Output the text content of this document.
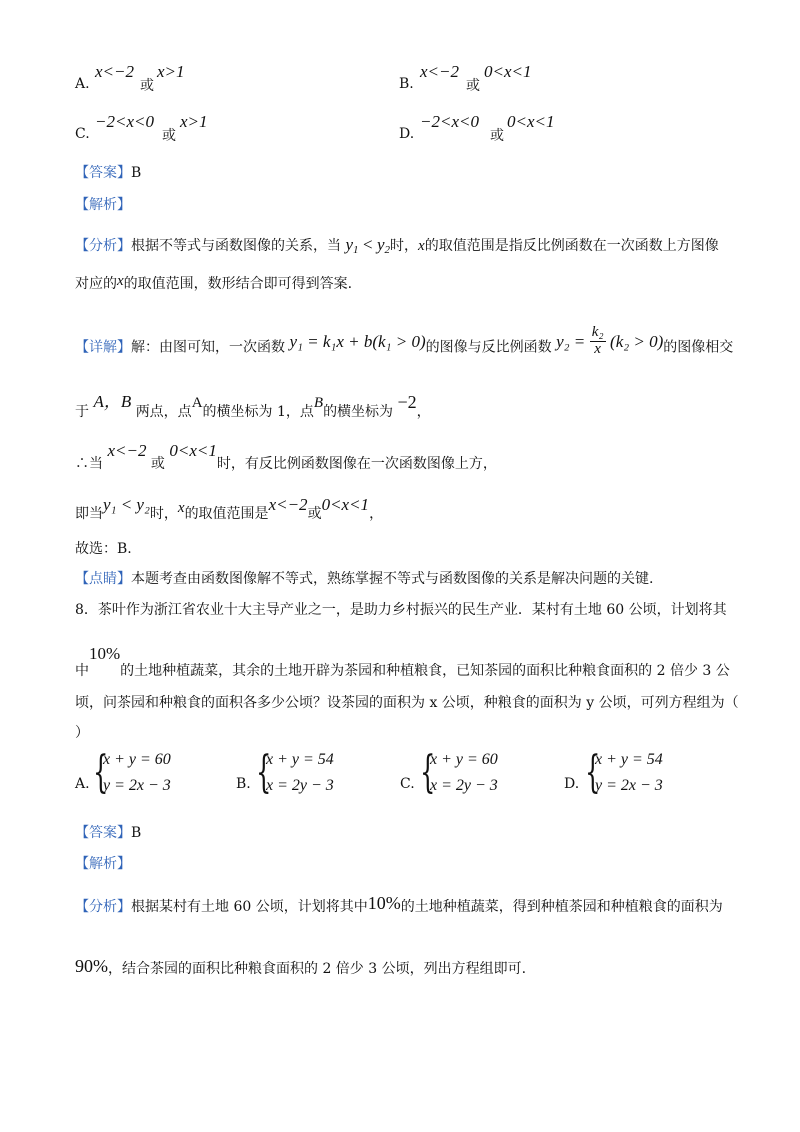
A.
x<−2
或
x>1
B.
x<−2
或
0<x<1
C.
−2<x<0
或
x>1
D.
−2<x<0
或
0<x<1
【答案】B
【解析】
【分析】根据不等式与函数图像的关系，当 $y_1 < y_2$时，x的取值范围是指反比例函数在一次函数上方图像
对应的x的取值范围，数形结合即可得到答案.
【详解】解：由图可知，一次函数 y₁ = k₁x + b(k₁ > 0)的图像与反比例函数 $y_2 = \frac{\text{k₂}}{x} (k_2 > 0)$的图像相交
于 A，B 两点，点A的横坐标为 1，点B的横坐标为 −2，
∴当 x<−2 或 0<x<1时，有反比例函数图像在一次函数图像上方，
即当y₁ < y₂时，x的取值范围是x<−2或0<x<1，
故选：B.
【点睛】本题考查由函数图像解不等式，熟练掌握不等式与函数图像的关系是解决问题的关键.
8．茶叶作为浙江省农业十大主导产业之一，是助力乡村振兴的民生产业．某村有土地 60 公顷，计划将其
中10%的土地种植蔬菜，其余的土地开辟为茶园和种植粮食，已知茶园的面积比种粮食面积的 2 倍少 3 公
顷，问茶园和种粮食的面积各多少公顷？设茶园的面积为 x 公顷，种粮食的面积为 y 公顷，可列方程组为（
）
A. {
x + y = 60
y = 2x − 3	B. {
x + y = 54
x = 2y − 3	C. {
x + y = 60
x = 2y − 3	D. {
x + y = 54
y = 2x − 3
【答案】B
【解析】
【分析】根据某村有土地 60 公顷，计划将其中10%的土地种植蔬菜，得到种植茶园和种植粮食的面积为
90%，结合茶园的面积比种粮食面积的 2 倍少 3 公顷，列出方程组即可.
